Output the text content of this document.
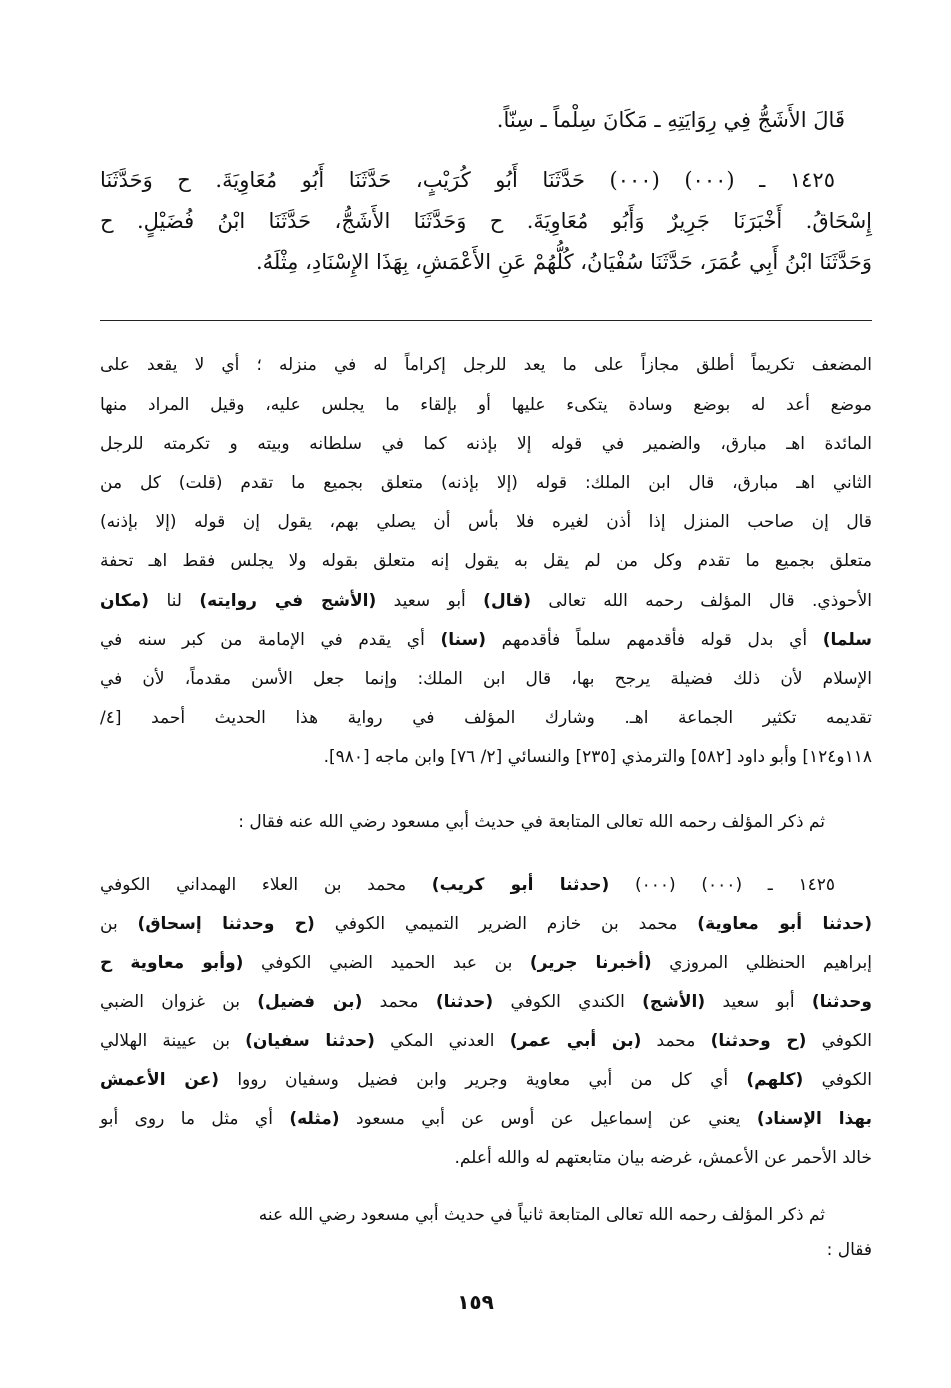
قَالَ الأَشَجُّ فِي رِوَايَتِهِ ـ مَكَانَ سِلْماً ـ سِنّاً.
١٤٢٥ ـ (٠٠٠) (٠٠٠) حَدَّثَنَا أَبُو كُرَيْبٍ، حَدَّثَنَا أَبُو مُعَاوِيَةَ. ح وَحَدَّثَنَا
إِسْحَاقُ. أَخْبَرَنَا جَرِيرٌ وَأَبُو مُعَاوِيَةَ. ح وَحَدَّثَنَا الأَشَجُّ، حَدَّثَنَا ابْنُ فُضَيْلٍ. ح
وَحَدَّثَنَا ابْنُ أَبِي عُمَرَ، حَدَّثَنَا سُفْيَانُ، كُلُّهُمْ عَنِ الأَعْمَشِ، بِهَذَا الإِسْنَادِ، مِثْلَهُ.
المضعف تكريماً أطلق مجازاً على ما يعد للرجل إكراماً له في منزله ؛ أي لا يقعد على
موضع أعد له بوضع وسادة يتكىء عليها أو بإلقاء ما يجلس عليه، وقيل المراد منها
المائدة اهـ مبارق، والضمير في قوله إلا بإذنه كما في سلطانه وبيته و تكرمته للرجل
الثاني اهـ مبارق، قال ابن الملك: قوله (إلا بإذنه) متعلق بجميع ما تقدم (قلت) كل من
قال إن صاحب المنزل إذا أذن لغيره فلا بأس أن يصلي بهم، يقول إن قوله (إلا بإذنه)
متعلق بجميع ما تقدم وكل من لم يقل به يقول إنه متعلق بقوله ولا يجلس فقط اهـ تحفة
الأحوذي. قال المؤلف رحمه الله تعالى (قال) أبو سعيد (الأشج في روايته) لنا (مكان
سلما) أي بدل قوله فأقدمهم سلماً فأقدمهم (سنا) أي يقدم في الإمامة من كبر سنه في
الإسلام لأن ذلك فضيلة يرجح بها، قال ابن الملك: وإنما جعل الأسن مقدماً، لأن في
تقديمه تكثير الجماعة اهـ. وشارك المؤلف في رواية هذا الحديث أحمد [٤/
١١٨و١٢٤] وأبو داود [٥٨٢] والترمذي [٢٣٥] والنسائي [٢/ ٧٦] وابن ماجه [٩٨٠].
ثم ذكر المؤلف رحمه الله تعالى المتابعة في حديث أبي مسعود رضي الله عنه فقال :
١٤٢٥ ـ (٠٠٠) (٠٠٠) (حدثنا أبو كريب) محمد بن العلاء الهمداني الكوفي
(حدثنا أبو معاوية) محمد بن خازم الضرير التميمي الكوفي (ح وحدثنا إسحاق) بن
إبراهيم الحنظلي المروزي (أخبرنا جرير) بن عبد الحميد الضبي الكوفي (وأبو معاوية ح
وحدثنا) أبو سعيد (الأشج) الكندي الكوفي (حدثنا) محمد (بن فضيل) بن غزوان الضبي
الكوفي (ح وحدثنا) محمد (بن أبي عمر) العدني المكي (حدثنا سفيان) بن عيينة الهلالي
الكوفي (كلهم) أي كل من أبي معاوية وجرير وابن فضيل وسفيان رووا (عن الأعمش
بهذا الإسناد) يعني عن إسماعيل عن أوس عن أبي مسعود (مثله) أي مثل ما روى أبو
خالد الأحمر عن الأعمش، غرضه بيان متابعتهم له والله أعلم.
ثم ذكر المؤلف رحمه الله تعالى المتابعة ثانياً في حديث أبي مسعود رضي الله عنه
فقال :
١٥٩
